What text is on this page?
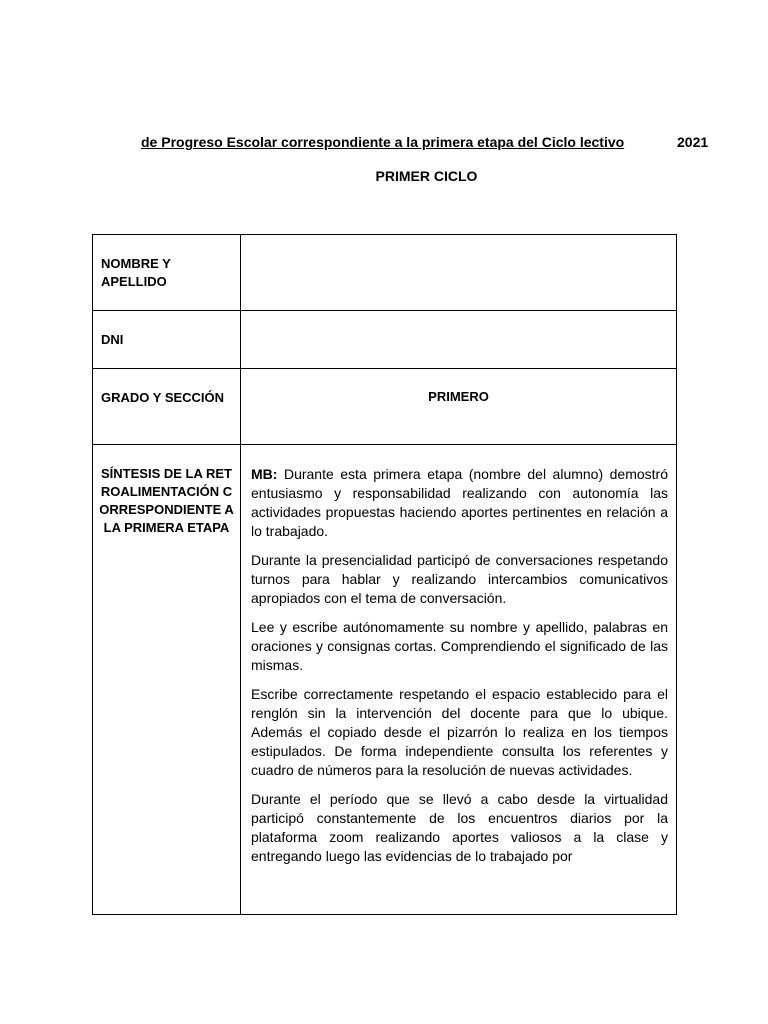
de Progreso Escolar correspondiente a la primera etapa del Ciclo lectivo	2021
PRIMER CICLO
NOMBRE Y APELLIDO	

DNI	

GRADO Y SECCIÓN	PRIMERO

SÍNTESIS DE LA RETROALIMENTACIÓN CORRESPONDIENTE A LA PRIMERA ETAPA	MB: Durante esta primera etapa (nombre del alumno) demostró entusiasmo y responsabilidad realizando con autonomía las actividades propuestas haciendo aportes pertinentes en relación a lo trabajado.

Durante la presencialidad participó de conversaciones respetando turnos para hablar y realizando intercambios comunicativos apropiados con el tema de conversación.

Lee y escribe autónomamente su nombre y apellido, palabras en oraciones y consignas cortas. Comprendiendo el significado de las mismas.

Escribe correctamente respetando el espacio establecido para el renglón sin la intervención del docente para que lo ubique. Además el copiado desde el pizarrón lo realiza en los tiempos estipulados. De forma independiente consulta los referentes y cuadro de números para la resolución de nuevas actividades.

Durante el período que se llevó a cabo desde la virtualidad participó constantemente de los encuentros diarios por la plataforma zoom realizando aportes valiosos a la clase y entregando luego las evidencias de lo trabajado por
